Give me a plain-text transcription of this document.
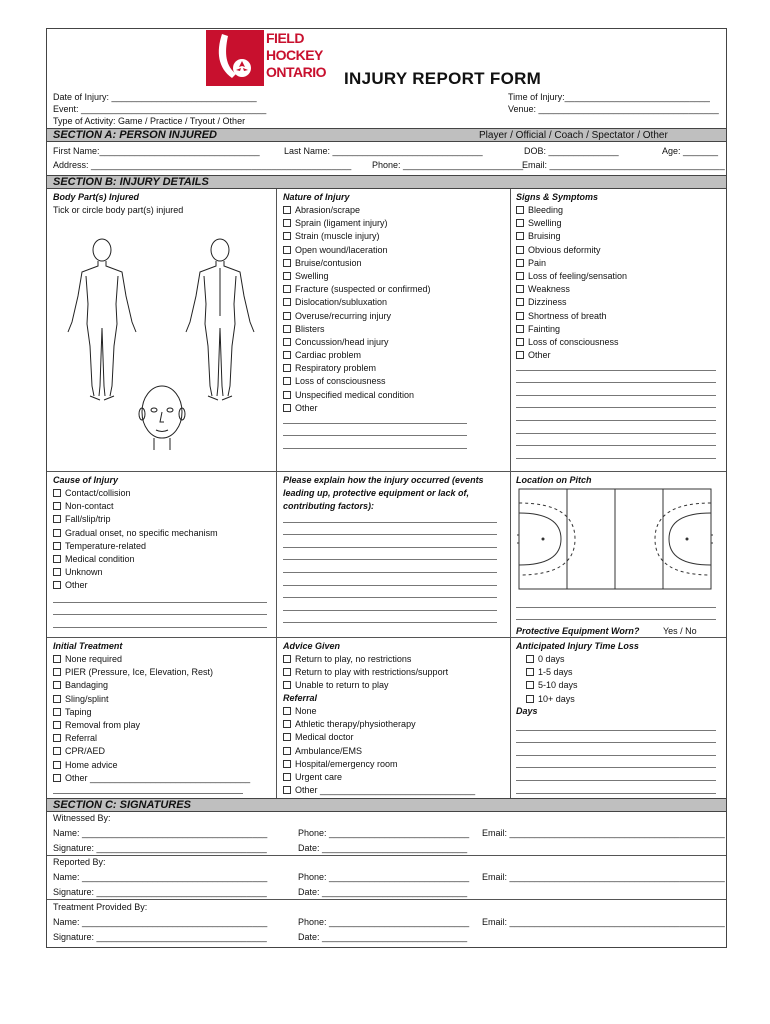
FIELD
HOCKEY
ONTARIO INJURY REPORT FORM
Date of Injury: _____________________________
Event: _____________________________________
Type of Activity: Game / Practice / Tryout / Other
Time of Injury:_____________________________
Venue: ____________________________________
SECTION A: PERSON INJURED	Player / Official / Coach / Spectator / Other
First Name:________________________________	Last Name: ______________________________	DOB: ______________	Age: _______
Address: ____________________________________________________ Phone: ________________________
Email: ___________________________________
SECTION B: INJURY DETAILS
Body Part(s) Injured
Tick or circle body part(s) injured
Nature of Injury
Abrasion/scrape
Sprain (ligament injury)
Strain (muscle injury)
Open wound/laceration
Bruise/contusion
Swelling
Fracture (suspected or confirmed)
Dislocation/subluxation
Overuse/recurring injury
Blisters
Concussion/head injury
Cardiac problem
Respiratory problem
Loss of consciousness
Unspecified medical condition
Other
Signs & Symptoms
Bleeding
Swelling
Bruising
Obvious deformity
Pain
Loss of feeling/sensation
Weakness
Dizziness
Shortness of breath
Fainting
Loss of consciousness
Other
Cause of Injury
Contact/collision
Non-contact
Fall/slip/trip
Gradual onset, no specific mechanism
Temperature-related
Medical condition
Unknown
Other
Please explain how the injury occurred (events
leading up, protective equipment or lack of,
contributing factors):
Location on Pitch
Protective Equipment Worn?	Yes / No
Initial Treatment
None required
PIER (Pressure, Ice, Elevation, Rest)
Bandaging
Sling/splint
Taping
Removal from play
Referral
CPR/AED
Home advice
Other ________________________________
Advice Given
Return to play, no restrictions
Return to play with restrictions/support
Unable to return to play
Referral
None
Athletic therapy/physiotherapy
Medical doctor
Ambulance/EMS
Hospital/emergency room
Urgent care
Other _______________________________
Anticipated Injury Time Loss
0 days
1-5 days
5-10 days
10+ days
Days
SECTION C: SIGNATURES
Witnessed By:
Name: _____________________________________
Signature: __________________________________
Phone: ____________________________
Date: _____________________________
Email: ___________________________________________
Reported By:
Name: _____________________________________
Signature: __________________________________
Phone: ____________________________
Date: _____________________________
Email: ___________________________________________
Treatment Provided By:
Name: _____________________________________
Signature: __________________________________
Phone: ____________________________
Date: _____________________________
Email: ___________________________________________
